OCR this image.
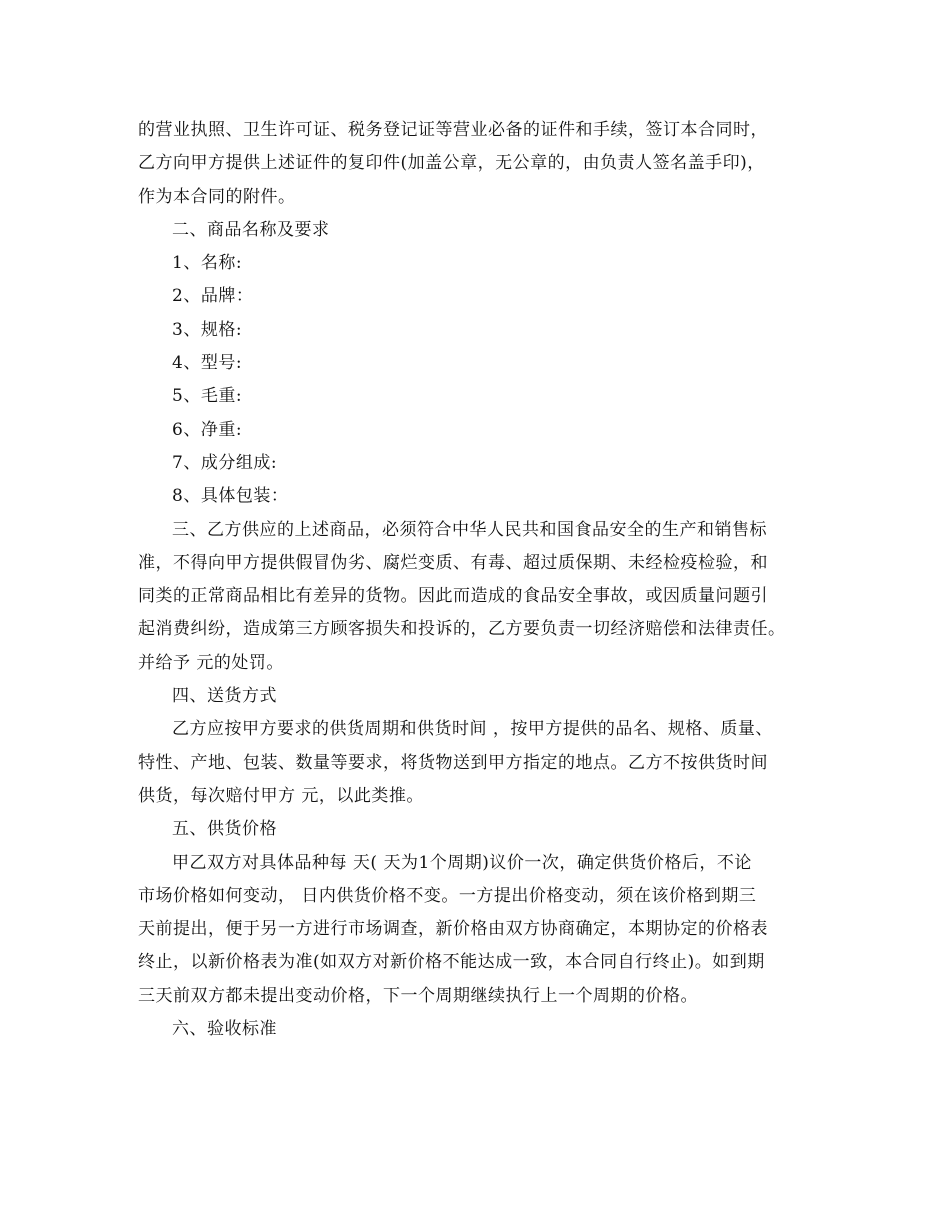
的营业执照、卫生许可证、税务登记证等营业必备的证件和手续，签订本合同时，
乙方向甲方提供上述证件的复印件(加盖公章，无公章的，由负责人签名盖手印)，
作为本合同的附件。
二、商品名称及要求
1、名称:
2、品牌：
3、规格:
4、型号:
5、毛重:
6、净重:
7、成分组成:
8、具体包装：
三、乙方供应的上述商品，必须符合中华人民共和国食品安全的生产和销售标
准，不得向甲方提供假冒伪劣、腐烂变质、有毒、超过质保期、未经检疫检验，和
同类的正常商品相比有差异的货物。因此而造成的食品安全事故，或因质量问题引
起消费纠纷，造成第三方顾客损失和投诉的，乙方要负责一切经济赔偿和法律责任。
并给予 元的处罚。
四、送货方式
乙方应按甲方要求的供货周期和供货时间 ，按甲方提供的品名、规格、质量、
特性、产地、包装、数量等要求，将货物送到甲方指定的地点。乙方不按供货时间
供货，每次赔付甲方 元，以此类推。
五、供货价格
甲乙双方对具体品种每 天( 天为1个周期)议价一次，确定供货价格后，不论
市场价格如何变动， 日内供货价格不变。一方提出价格变动，须在该价格到期三
天前提出，便于另一方进行市场调查，新价格由双方协商确定，本期协定的价格表
终止，以新价格表为准(如双方对新价格不能达成一致，本合同自行终止)。如到期
三天前双方都未提出变动价格，下一个周期继续执行上一个周期的价格。
六、验收标准
